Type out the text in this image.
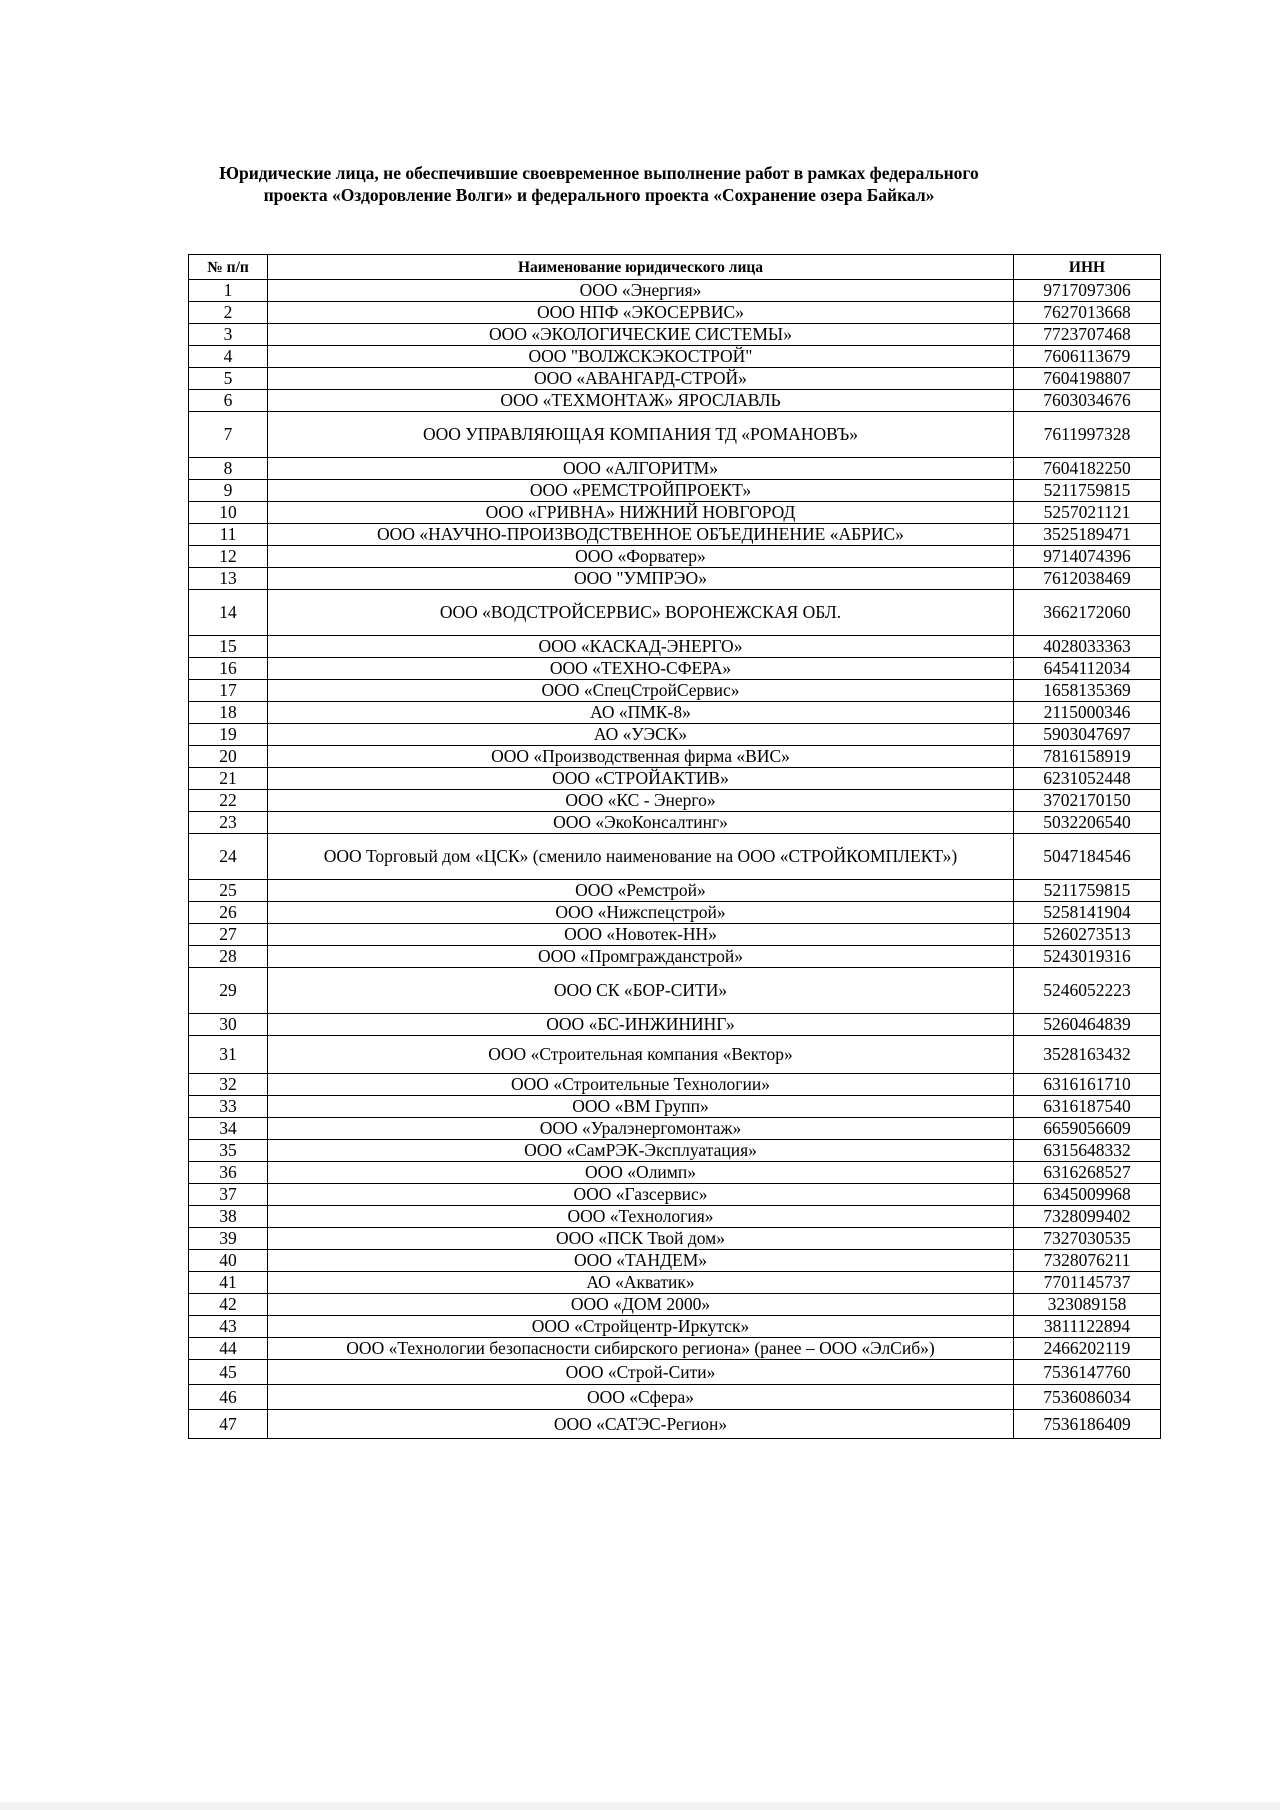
Юридические лица, не обеспечившие своевременное выполнение работ в рамках федерального проекта «Оздоровление Волги» и федерального проекта «Сохранение озера Байкал»
№ п/п	Наименование юридического лица	ИНН
1	ООО «Энергия»	9717097306
2	ООО НПФ «ЭКОСЕРВИС»	7627013668
3	ООО «ЭКОЛОГИЧЕСКИЕ СИСТЕМЫ»	7723707468
4	ООО "ВОЛЖСКЭКОСТРОЙ"	7606113679
5	ООО «АВАНГАРД-СТРОЙ»	7604198807
6	ООО «ТЕХМОНТАЖ» ЯРОСЛАВЛЬ	7603034676
7	ООО УПРАВЛЯЮЩАЯ КОМПАНИЯ ТД «РОМАНОВЪ»	7611997328
8	ООО «АЛГОРИТМ»	7604182250
9	ООО «РЕМСТРОЙПРОЕКТ»	5211759815
10	ООО «ГРИВНА» НИЖНИЙ НОВГОРОД	5257021121
11	ООО «НАУЧНО-ПРОИЗВОДСТВЕННОЕ ОБЪЕДИНЕНИЕ «АБРИС»	3525189471
12	ООО «Форватер»	9714074396
13	ООО "УМПРЭО»	7612038469
14	ООО «ВОДСТРОЙСЕРВИС» ВОРОНЕЖСКАЯ ОБЛ.	3662172060
15	ООО «КАСКАД-ЭНЕРГО»	4028033363
16	ООО «ТЕХНО-СФЕРА»	6454112034
17	ООО «СпецСтройСервис»	1658135369
18	АО «ПМК-8»	2115000346
19	АО «УЭСК»	5903047697
20	ООО «Производственная фирма «ВИС»	7816158919
21	ООО «СТРОЙАКТИВ»	6231052448
22	ООО «КС - Энерго»	3702170150
23	ООО «ЭкоКонсалтинг»	5032206540
24	ООО Торговый дом «ЦСК» (сменило наименование на ООО «СТРОЙКОМПЛЕКТ»)	5047184546
25	ООО «Ремстрой»	5211759815
26	ООО «Нижспецстрой»	5258141904
27	ООО «Новотек-НН»	5260273513
28	ООО «Промгражданстрой»	5243019316
29	ООО СК «БОР-СИТИ»	5246052223
30	ООО «БС-ИНЖИНИНГ»	5260464839
31	ООО «Строительная компания «Вектор»	3528163432
32	ООО «Строительные Технологии»	6316161710
33	ООО «ВМ Групп»	6316187540
34	ООО «Уралэнергомонтаж»	6659056609
35	ООО «СамРЭК-Эксплуатация»	6315648332
36	ООО «Олимп»	6316268527
37	ООО «Газсервис»	6345009968
38	ООО «Технология»	7328099402
39	ООО «ПСК Твой дом»	7327030535
40	ООО «ТАНДЕМ»	7328076211
41	АО «Акватик»	7701145737
42	ООО «ДОМ 2000»	323089158
43	ООО «Стройцентр-Иркутск»	3811122894
44	ООО «Технологии безопасности сибирского региона» (ранее – ООО «ЭлСиб»)	2466202119
45	ООО «Строй-Сити»	7536147760
46	ООО «Сфера»	7536086034
47	ООО «САТЭС-Регион»	7536186409
